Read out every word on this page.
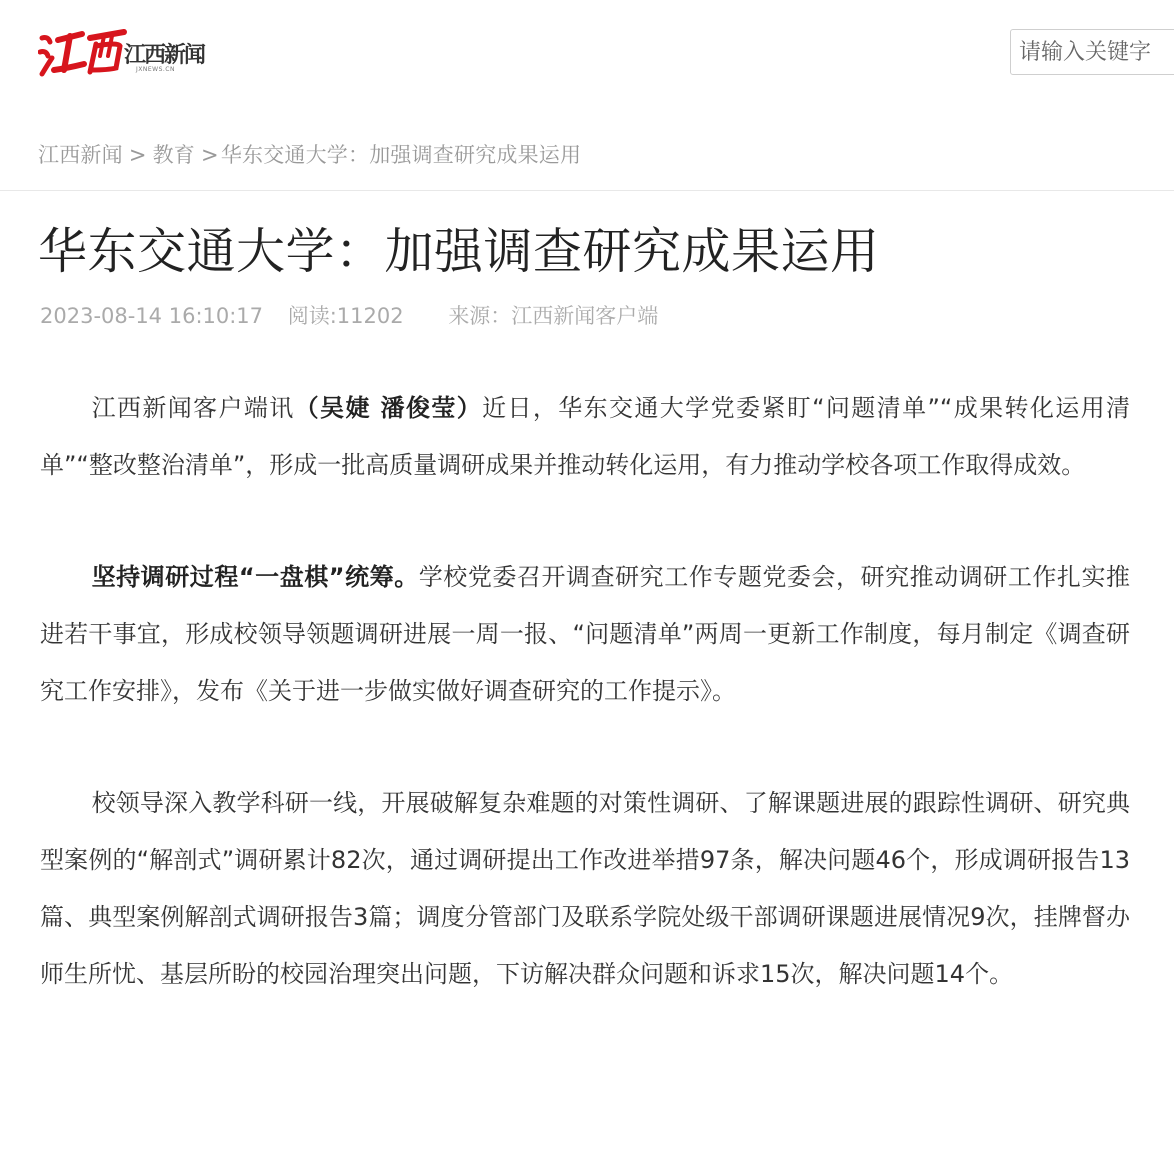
江西新闻
JXNEWS.CN
请输入关键字
江西新闻 > 教育 >华东交通大学：加强调查研究成果运用
华东交通大学：加强调查研究成果运用
2023-08-14 16:10:17 阅读:11202 来源：江西新闻客户端

江西新闻客户端讯（吴婕 潘俊莹）近日，华东交通大学党委紧盯“问题清单”“成果转化运用清单”“整改整治清单”，形成一批高质量调研成果并推动转化运用，有力推动学校各项工作取得成效。

坚持调研过程“一盘棋”统筹。学校党委召开调查研究工作专题党委会，研究推动调研工作扎实推进若干事宜，形成校领导领题调研进展一周一报、“问题清单”两周一更新工作制度，每月制定《调查研究工作安排》，发布《关于进一步做实做好调查研究的工作提示》。

校领导深入教学科研一线，开展破解复杂难题的对策性调研、了解课题进展的跟踪性调研、研究典型案例的“解剖式”调研累计82次，通过调研提出工作改进举措97条，解决问题46个，形成调研报告13篇、典型案例解剖式调研报告3篇；调度分管部门及联系学院处级干部调研课题进展情况9次，挂牌督办师生所忧、基层所盼的校园治理突出问题，下访解决群众问题和诉求15次，解决问题14个。
